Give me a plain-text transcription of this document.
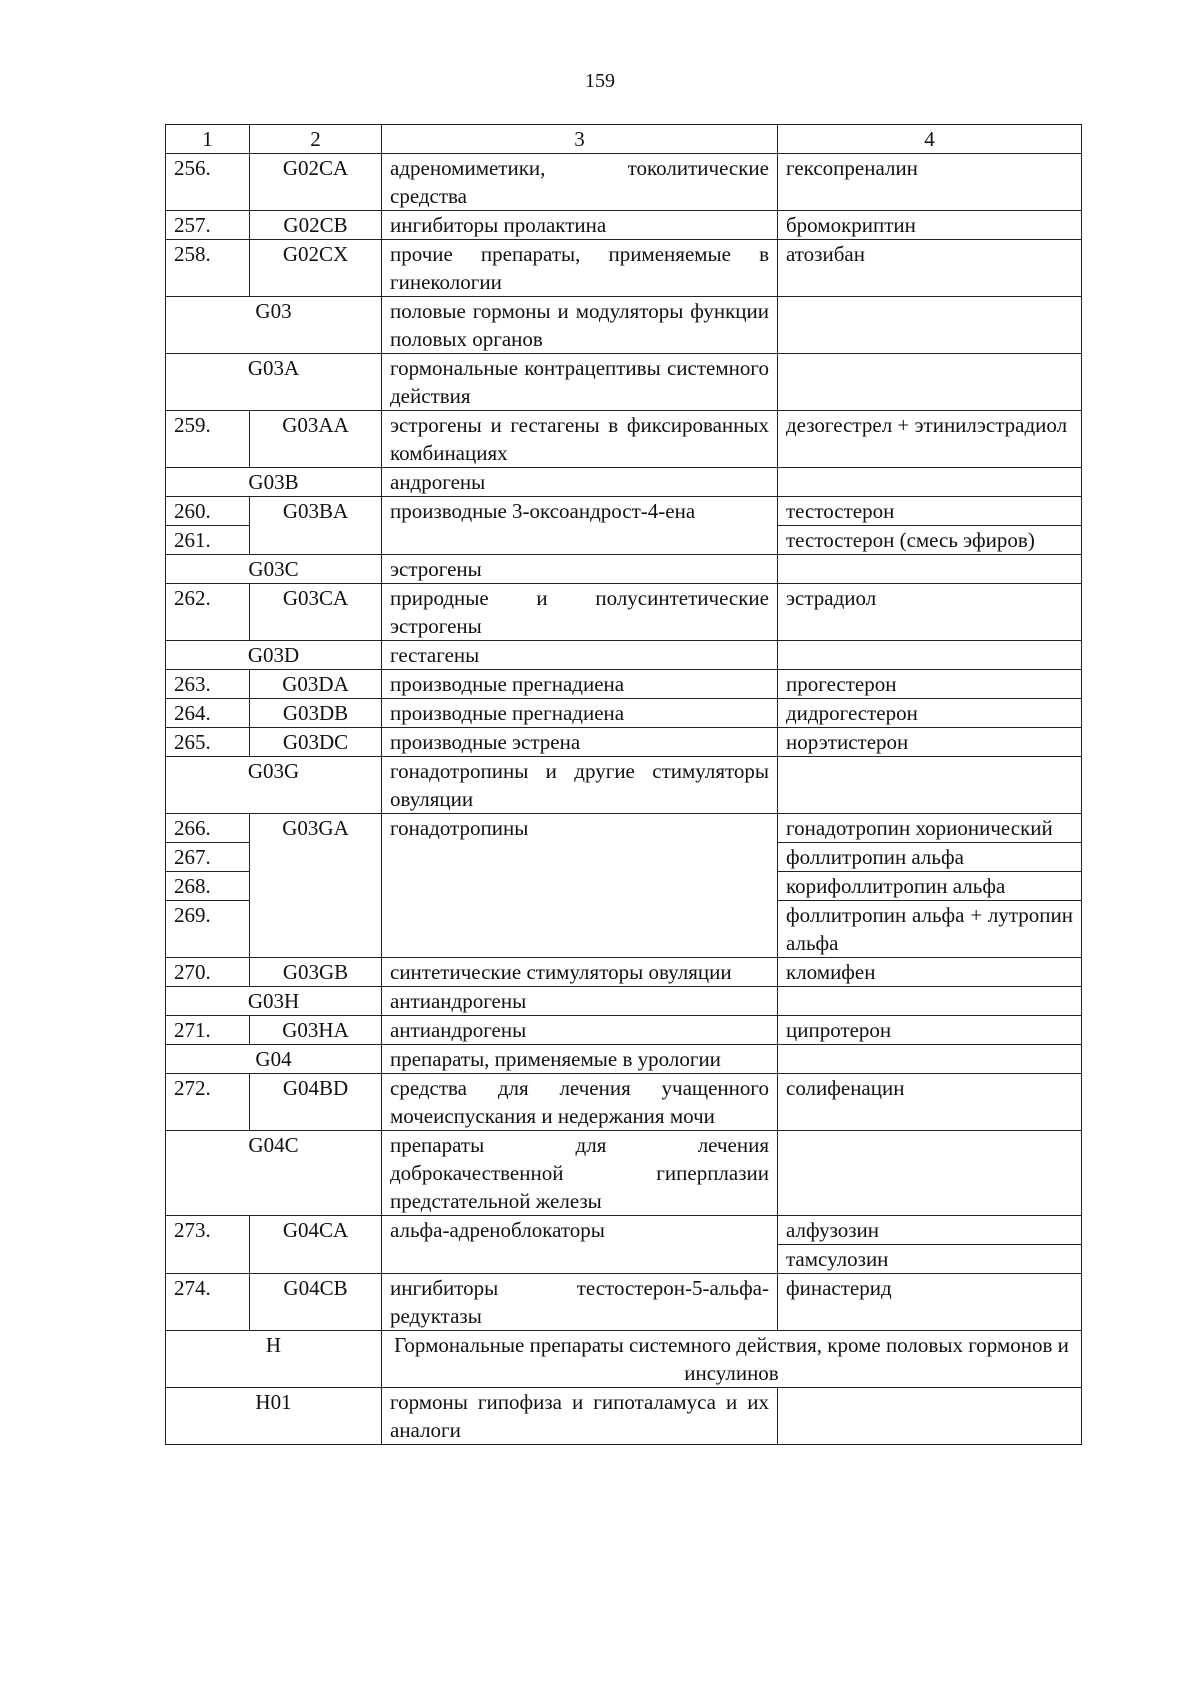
159
1	2	3	4
256.	G02CA	адреномиметики, токолитические средства	гексопреналин
257.	G02CB	ингибиторы пролактина	бромокриптин
258.	G02CX	прочие препараты, применяемые в гинекологии	атозибан
G03		половые гормоны и модуляторы функции половых органов	
G03A		гормональные контрацептивы системного действия	
259.	G03AA	эстрогены и гестагены в фиксированных комбинациях	дезогестрел + этинилэстрадиол
G03B		андрогены	
260.	G03BA	производные 3-оксоандрост-4-ена	тестостерон
261.			тестостерон (смесь эфиров)
G03C		эстрогены	
262.	G03CA	природные и полусинтетические эстрогены	эстрадиол
G03D		гестагены	
263.	G03DA	производные прегнадиена	прогестерон
264.	G03DB	производные прегнадиена	дидрогестерон
265.	G03DC	производные эстрена	норэтистерон
G03G		гонадотропины и другие стимуляторы овуляции	
266.	G03GA	гонадотропины	гонадотропин хорионический
267.			фоллитропин альфа
268.			корифоллитропин альфа
269.			фоллитропин альфа + лутропин альфа
270.	G03GB	синтетические стимуляторы овуляции	кломифен
G03H		антиандрогены	
271.	G03HA	антиандрогены	ципротерон
G04		препараты, применяемые в урологии	
272.	G04BD	средства для лечения учащенного мочеиспускания и недержания мочи	солифенацин
G04C		препараты для лечения доброкачественной гиперплазии предстательной железы	
273.	G04CA	альфа-адреноблокаторы	алфузозин
			тамсулозин
274.	G04CB	ингибиторы тестостерон-5-альфа-редуктазы	финастерид
H		Гормональные препараты системного действия, кроме половых гормонов и инсулинов	
H01		гормоны гипофиза и гипоталамуса и их аналоги	
